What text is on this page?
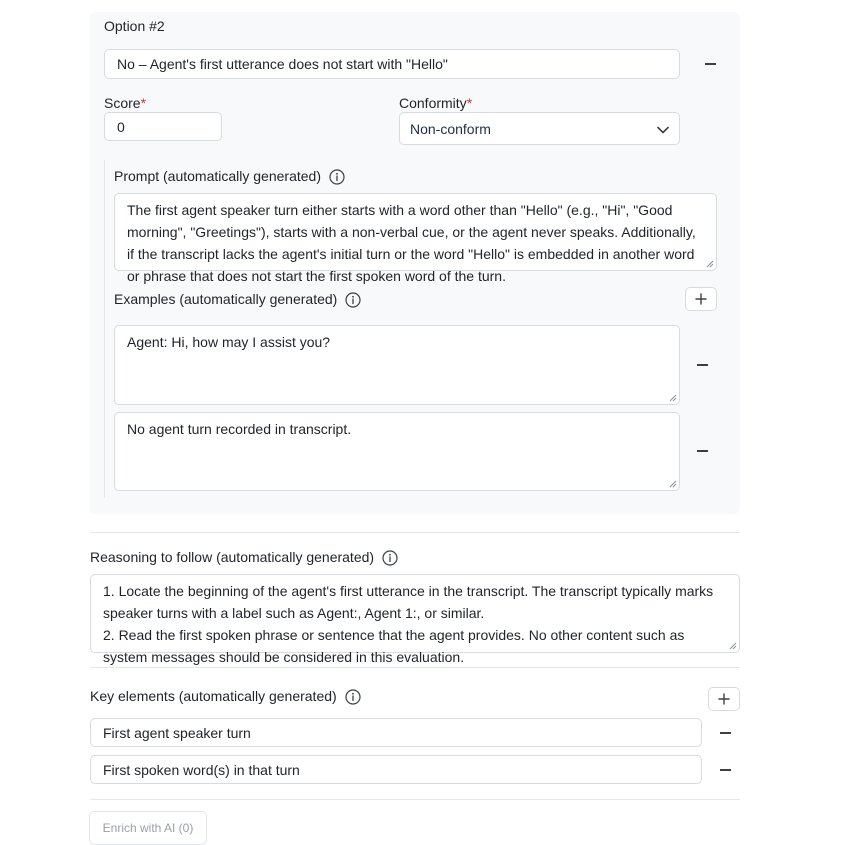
Option #2
No – Agent's first utterance does not start with "Hello"
Score*
0
Conformity*
Non-conform
Prompt (automatically generated)
The first agent speaker turn either starts with a word other than "Hello" (e.g., "Hi", "Good morning", "Greetings"), starts with a non-verbal cue, or the agent never speaks. Additionally, if the transcript lacks the agent's initial turn or the word "Hello" is embedded in another word or phrase that does not start the first spoken word of the turn.
Examples (automatically generated)
Agent: Hi, how may I assist you?
No agent turn recorded in transcript.
Reasoning to follow (automatically generated)
1. Locate the beginning of the agent's first utterance in the transcript. The transcript typically marks speaker turns with a label such as Agent:, Agent 1:, or similar.
2. Read the first spoken phrase or sentence that the agent provides. No other content such as system messages should be considered in this evaluation.
Key elements (automatically generated)
First agent speaker turn
First spoken word(s) in that turn
Enrich with AI (0)
